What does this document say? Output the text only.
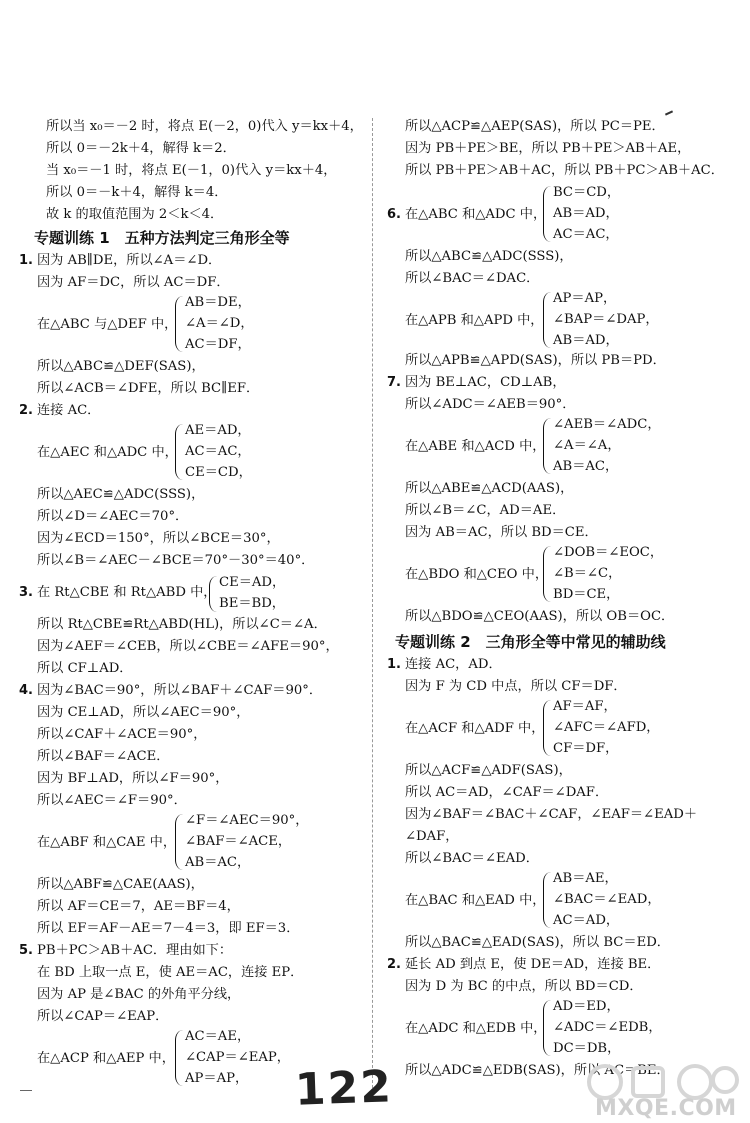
所以当 x₀＝－2 时，将点 E(－2，0)代入 y＝kx＋4，
所以 0＝－2k＋4，解得 k＝2．
当 x₀＝－1 时，将点 E(－1，0)代入 y＝kx＋4，
所以 0＝－k＋4，解得 k＝4．
故 k 的取值范围为 2＜k＜4．
专题训练 1　五种方法判定三角形全等
1. 因为 AB∥DE，所以∠A＝∠D．
因为 AF＝DC，所以 AC＝DF．
在△ABC 与△DEF 中，
AB＝DE，
∠A＝∠D，
AC＝DF，
所以△ABC≌△DEF(SAS)，
所以∠ACB＝∠DFE，所以 BC∥EF．
2. 连接 AC．
在△AEC 和△ADC 中，
AE＝AD，
AC＝AC，
CE＝CD，
所以△AEC≌△ADC(SSS)，
所以∠D＝∠AEC＝70°．
因为∠ECD＝150°，所以∠BCE＝30°，
所以∠B＝∠AEC－∠BCE＝70°－30°＝40°．
3. 在 Rt△CBE 和 Rt△ABD 中，
CE＝AD，
BE＝BD，
所以 Rt△CBE≌Rt△ABD(HL)，所以∠C＝∠A．
因为∠AEF＝∠CEB，所以∠CBE＝∠AFE＝90°，
所以 CF⊥AD．
4. 因为∠BAC＝90°，所以∠BAF＋∠CAF＝90°．
因为 CE⊥AD，所以∠AEC＝90°，
所以∠CAF＋∠ACE＝90°，
所以∠BAF＝∠ACE．
因为 BF⊥AD，所以∠F＝90°，
所以∠AEC＝∠F＝90°．
在△ABF 和△CAE 中，
∠F＝∠AEC＝90°，
∠BAF＝∠ACE，
AB＝AC，
所以△ABF≌△CAE(AAS)，
所以 AF＝CE＝7，AE＝BF＝4，
所以 EF＝AF－AE＝7－4＝3，即 EF＝3．
5. PB＋PC＞AB＋AC．理由如下：
在 BD 上取一点 E，使 AE＝AC，连接 EP．
因为 AP 是∠BAC 的外角平分线，
所以∠CAP＝∠EAP．
在△ACP 和△AEP 中，
AC＝AE，
∠CAP＝∠EAP，
AP＝AP，
所以△ACP≌△AEP(SAS)，所以 PC＝PE．
因为 PB＋PE＞BE，所以 PB＋PE＞AB＋AE，
所以 PB＋PE＞AB＋AC，所以 PB＋PC＞AB＋AC．
6. 在△ABC 和△ADC 中，
BC＝CD，
AB＝AD，
AC＝AC，
所以△ABC≌△ADC(SSS)，
所以∠BAC＝∠DAC．
在△APB 和△APD 中，
AP＝AP，
∠BAP＝∠DAP，
AB＝AD，
所以△APB≌△APD(SAS)，所以 PB＝PD．
7. 因为 BE⊥AC，CD⊥AB，
所以∠ADC＝∠AEB＝90°．
在△ABE 和△ACD 中，
∠AEB＝∠ADC，
∠A＝∠A，
AB＝AC，
所以△ABE≌△ACD(AAS)，
所以∠B＝∠C，AD＝AE．
因为 AB＝AC，所以 BD＝CE．
在△BDO 和△CEO 中，
∠DOB＝∠EOC，
∠B＝∠C，
BD＝CE，
所以△BDO≌△CEO(AAS)，所以 OB＝OC．
专题训练 2　三角形全等中常见的辅助线
1. 连接 AC，AD．
因为 F 为 CD 中点，所以 CF＝DF．
在△ACF 和△ADF 中，
AF＝AF，
∠AFC＝∠AFD，
CF＝DF，
所以△ACF≌△ADF(SAS)，
所以 AC＝AD，∠CAF＝∠DAF．
因为∠BAF＝∠BAC＋∠CAF，∠EAF＝∠EAD＋
∠DAF，
所以∠BAC＝∠EAD．
在△BAC 和△EAD 中，
AB＝AE，
∠BAC＝∠EAD，
AC＝AD，
所以△BAC≌△EAD(SAS)，所以 BC＝ED．
2. 延长 AD 到点 E，使 DE＝AD，连接 BE．
因为 D 为 BC 的中点，所以 BD＝CD．
在△ADC 和△EDB 中，
AD＝ED，
∠ADC＝∠EDB，
DC＝DB，
所以△ADC≌△EDB(SAS)，所以 AC＝BE．
122	MXQE.COM
